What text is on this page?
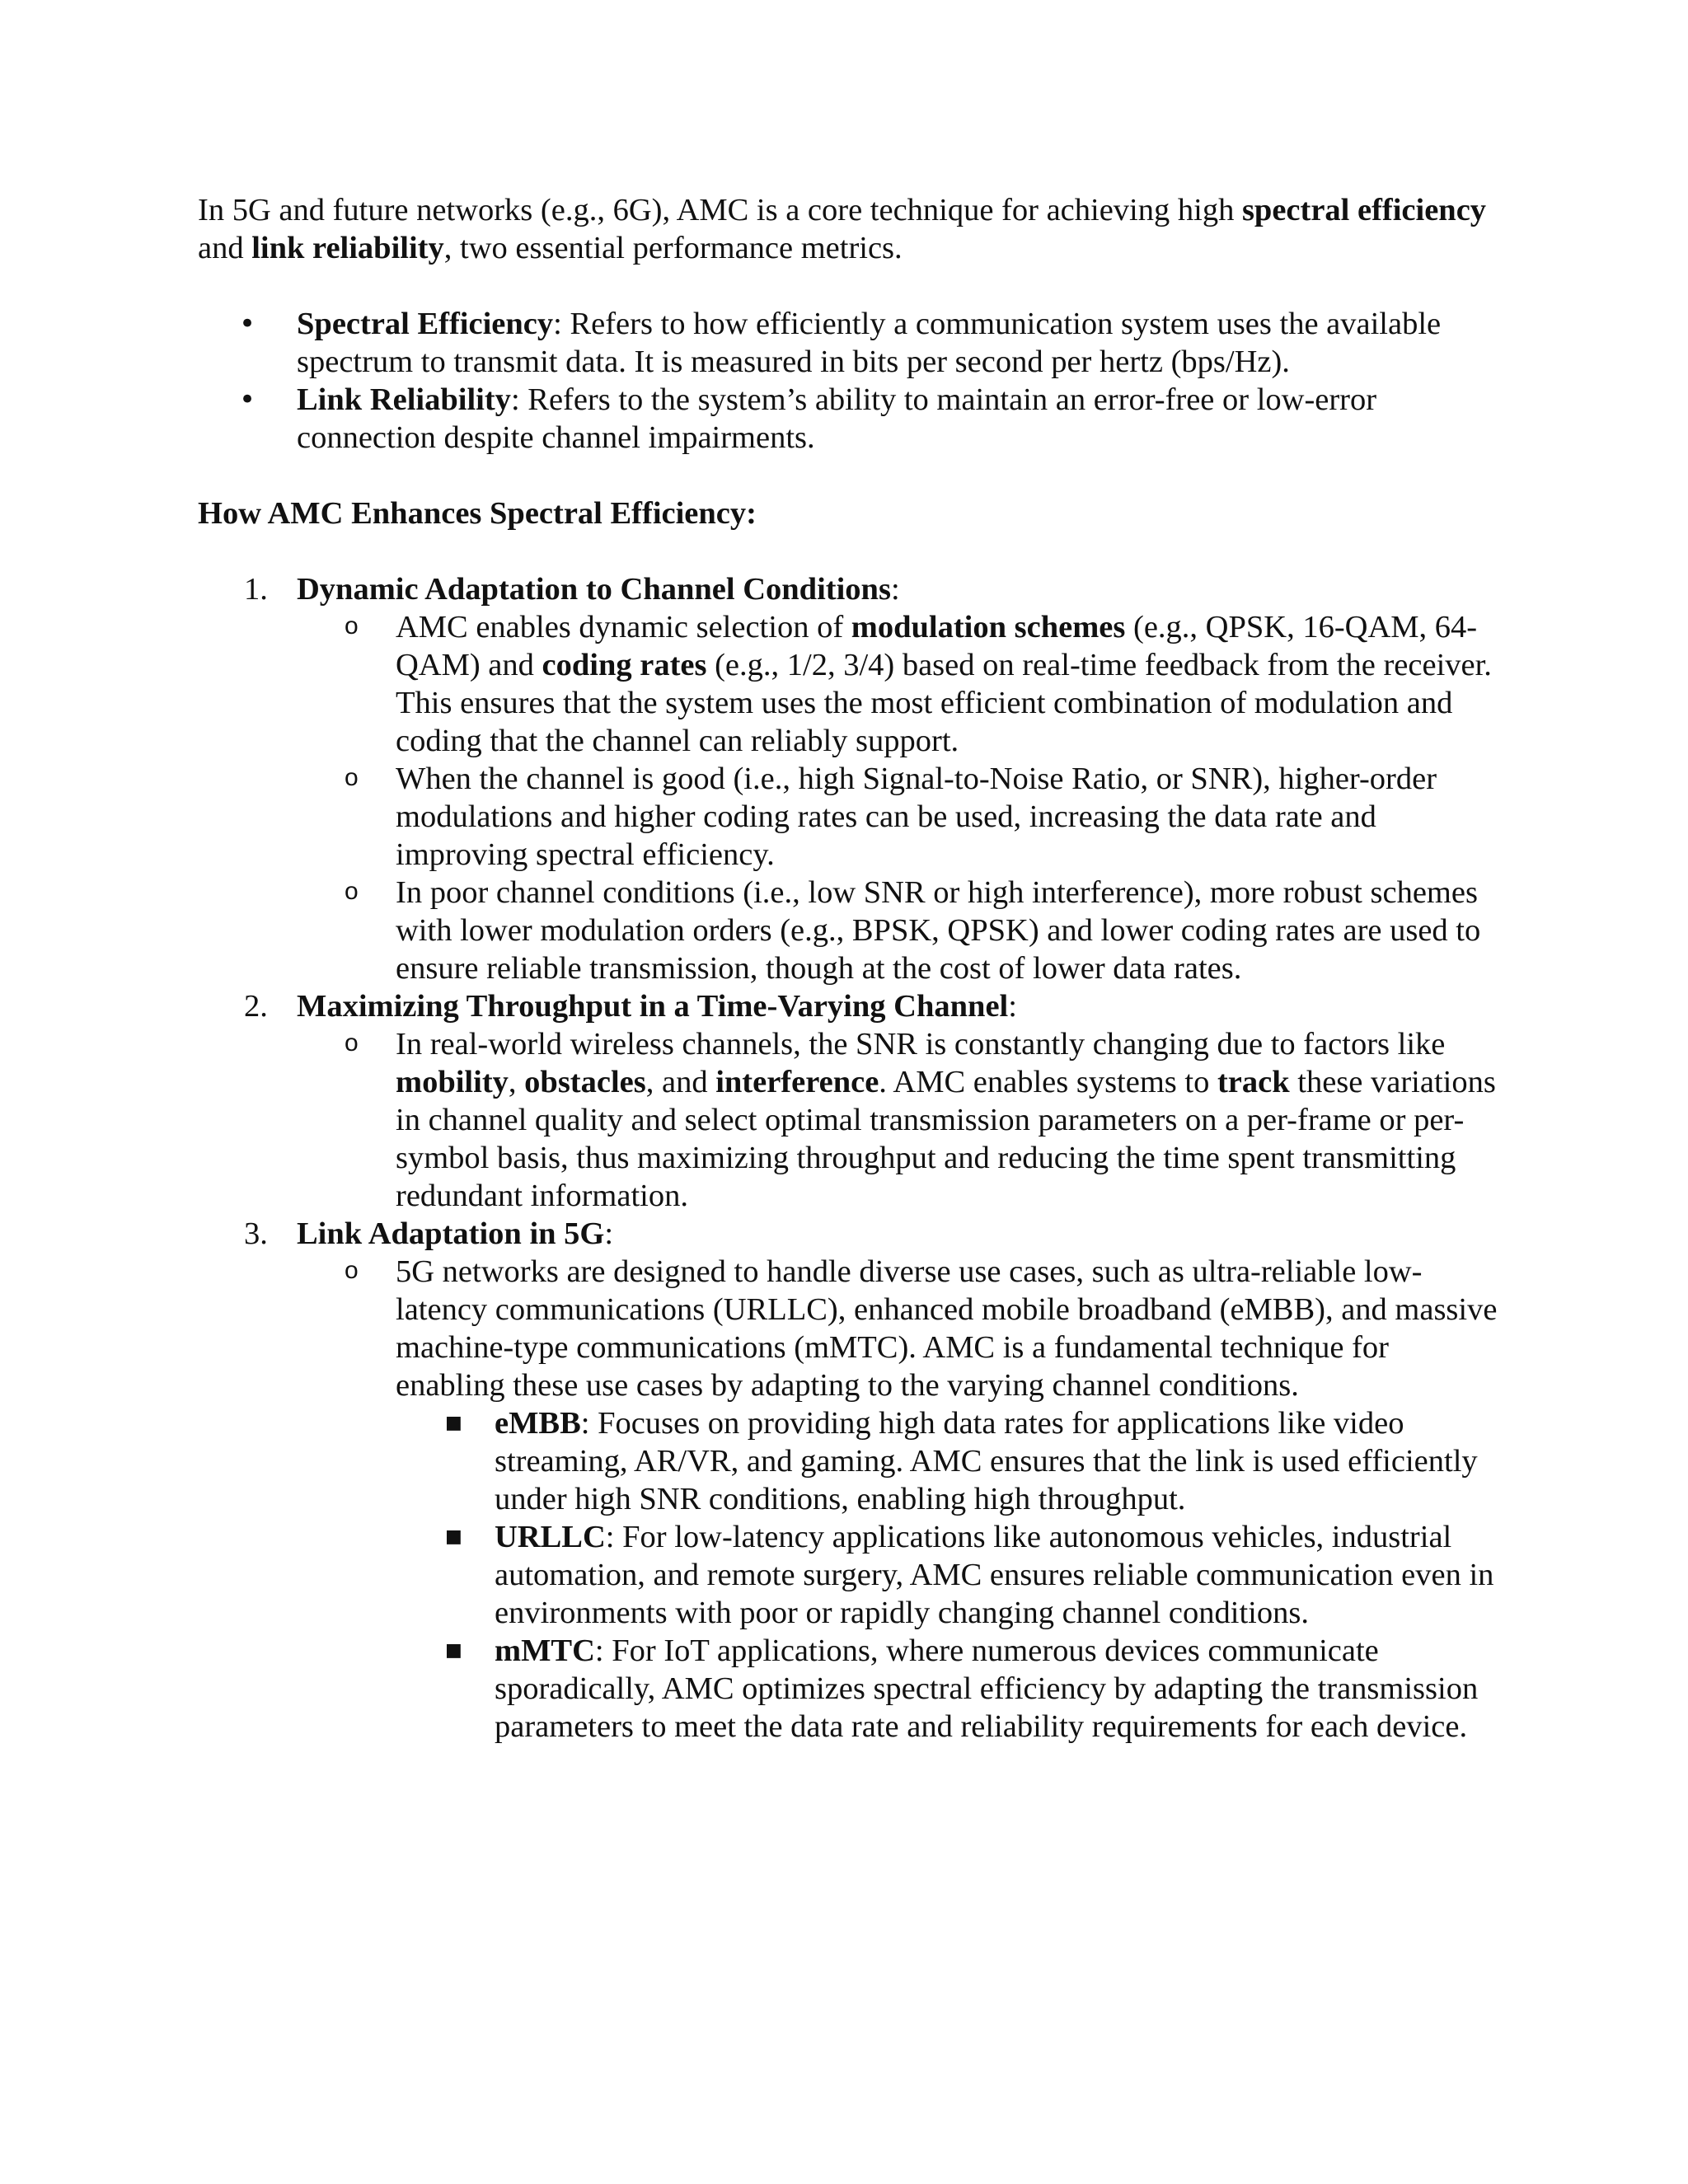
In 5G and future networks (e.g., 6G), AMC is a core technique for achieving high spectral efficiency and link reliability, two essential performance metrics.

• Spectral Efficiency: Refers to how efficiently a communication system uses the available spectrum to transmit data. It is measured in bits per second per hertz (bps/Hz).
• Link Reliability: Refers to the system’s ability to maintain an error-free or low-error connection despite channel impairments.

How AMC Enhances Spectral Efficiency:

1. Dynamic Adaptation to Channel Conditions:
o AMC enables dynamic selection of modulation schemes (e.g., QPSK, 16-QAM, 64-QAM) and coding rates (e.g., 1/2, 3/4) based on real-time feedback from the receiver. This ensures that the system uses the most efficient combination of modulation and coding that the channel can reliably support.
o When the channel is good (i.e., high Signal-to-Noise Ratio, or SNR), higher-order modulations and higher coding rates can be used, increasing the data rate and improving spectral efficiency.
o In poor channel conditions (i.e., low SNR or high interference), more robust schemes with lower modulation orders (e.g., BPSK, QPSK) and lower coding rates are used to ensure reliable transmission, though at the cost of lower data rates.
2. Maximizing Throughput in a Time-Varying Channel:
o In real-world wireless channels, the SNR is constantly changing due to factors like mobility, obstacles, and interference. AMC enables systems to track these variations in channel quality and select optimal transmission parameters on a per-frame or per-symbol basis, thus maximizing throughput and reducing the time spent transmitting redundant information.
3. Link Adaptation in 5G:
o 5G networks are designed to handle diverse use cases, such as ultra-reliable low-latency communications (URLLC), enhanced mobile broadband (eMBB), and massive machine-type communications (mMTC). AMC is a fundamental technique for enabling these use cases by adapting to the varying channel conditions.
■ eMBB: Focuses on providing high data rates for applications like video streaming, AR/VR, and gaming. AMC ensures that the link is used efficiently under high SNR conditions, enabling high throughput.
■ URLLC: For low-latency applications like autonomous vehicles, industrial automation, and remote surgery, AMC ensures reliable communication even in environments with poor or rapidly changing channel conditions.
■ mMTC: For IoT applications, where numerous devices communicate sporadically, AMC optimizes spectral efficiency by adapting the transmission parameters to meet the data rate and reliability requirements for each device.
